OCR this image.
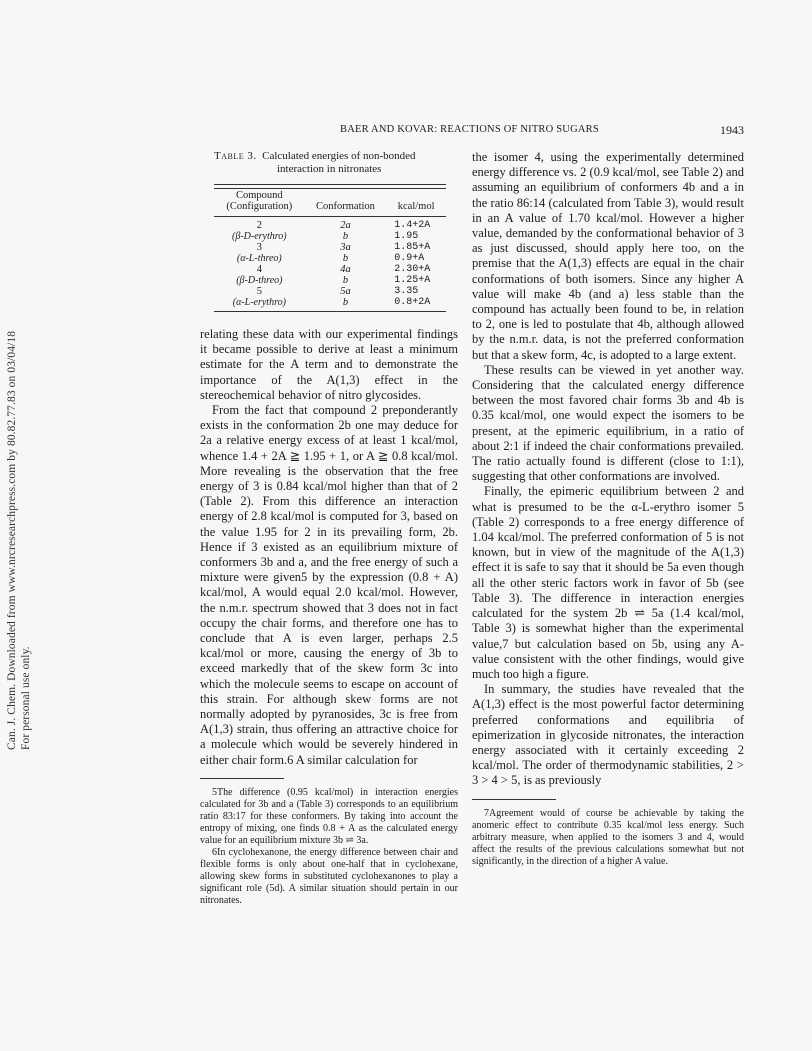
Can. J. Chem. Downloaded from www.nrcresearchpress.com by 80.82.77.83 on 03/04/18 For personal use only.
BAER AND KOVAR: REACTIONS OF NITRO SUGARS	1943
Table 3. Calculated energies of non-bonded
interaction in nitronates

Compound
(Configuration)	Conformation	kcal/mol
2	2a	1.4+2A
(β-D-erythro)	b	1.95
3	3a	1.85+A
(α-L-threo)	b	0.9+A
4	4a	2.30+A
(β-D-threo)	b	1.25+A
5	5a	3.35
(α-L-erythro)	b	0.8+2A

relating these data with our experimental findings it became possible to derive at least a minimum estimate for the A term and to demonstrate the importance of the A(1,3) effect in the stereochemical behavior of nitro glycosides.

From the fact that compound 2 preponderantly exists in the conformation 2b one may deduce for 2a a relative energy excess of at least 1 kcal/mol, whence 1.4 + 2A ≧ 1.95 + 1, or A ≧ 0.8 kcal/mol. More revealing is the observation that the free energy of 3 is 0.84 kcal/mol higher than that of 2 (Table 2). From this difference an interaction energy of 2.8 kcal/mol is computed for 3, based on the value 1.95 for 2 in its prevailing form, 2b. Hence if 3 existed as an equilibrium mixture of conformers 3b and a, and the free energy of such a mixture were given5 by the expression (0.8 + A) kcal/mol, A would equal 2.0 kcal/mol. However, the n.m.r. spectrum showed that 3 does not in fact occupy the chair forms, and therefore one has to conclude that A is even larger, perhaps 2.5 kcal/mol or more, causing the energy of 3b to exceed markedly that of the skew form 3c into which the molecule seems to escape on account of this strain. For although skew forms are not normally adopted by pyranosides, 3c is free from A(1,3) strain, thus offering an attractive choice for a molecule which would be severely hindered in either chair form.6 A similar calculation for

5The difference (0.95 kcal/mol) in interaction energies calculated for 3b and a (Table 3) corresponds to an equilibrium ratio 83:17 for these conformers. By taking into account the entropy of mixing, one finds 0.8 + A as the calculated energy value for an equilibrium mixture 3b ⇌ 3a.

6In cyclohexanone, the energy difference between chair and flexible forms is only about one-half that in cyclohexane, allowing skew forms in substituted cyclohexanones to play a significant role (5d). A similar situation should pertain in our nitronates.

the isomer 4, using the experimentally determined energy difference vs. 2 (0.9 kcal/mol, see Table 2) and assuming an equilibrium of conformers 4b and a in the ratio 86:14 (calculated from Table 3), would result in an A value of 1.70 kcal/mol. However a higher value, demanded by the conformational behavior of 3 as just discussed, should apply here too, on the premise that the A(1,3) effects are equal in the chair conformations of both isomers. Since any higher A value will make 4b (and a) less stable than the compound has actually been found to be, in relation to 2, one is led to postulate that 4b, although allowed by the n.m.r. data, is not the preferred conformation but that a skew form, 4c, is adopted to a large extent.

These results can be viewed in yet another way. Considering that the calculated energy difference between the most favored chair forms 3b and 4b is 0.35 kcal/mol, one would expect the isomers to be present, at the epimeric equilibrium, in a ratio of about 2:1 if indeed the chair conformations prevailed. The ratio actually found is different (close to 1:1), suggesting that other conformations are involved.

Finally, the epimeric equilibrium between 2 and what is presumed to be the α-L-erythro isomer 5 (Table 2) corresponds to a free energy difference of 1.04 kcal/mol. The preferred conformation of 5 is not known, but in view of the magnitude of the A(1,3) effect it is safe to say that it should be 5a even though all the other steric factors work in favor of 5b (see Table 3). The difference in interaction energies calculated for the system 2b ⇌ 5a (1.4 kcal/mol, Table 3) is somewhat higher than the experimental value,7 but calculation based on 5b, using any A- value consistent with the other findings, would give much too high a figure.

In summary, the studies have revealed that the A(1,3) effect is the most powerful factor determining preferred conformations and equilibria of epimerization in glycoside nitronates, the interaction energy associated with it certainly exceeding 2 kcal/mol. The order of thermodynamic stabilities, 2 > 3 > 4 > 5, is as previously

7Agreement would of course be achievable by taking the anomeric effect to contribute 0.35 kcal/mol less energy. Such arbitrary measure, when applied to the isomers 3 and 4, would affect the results of the previous calculations somewhat but not significantly, in the direction of a higher A value.
